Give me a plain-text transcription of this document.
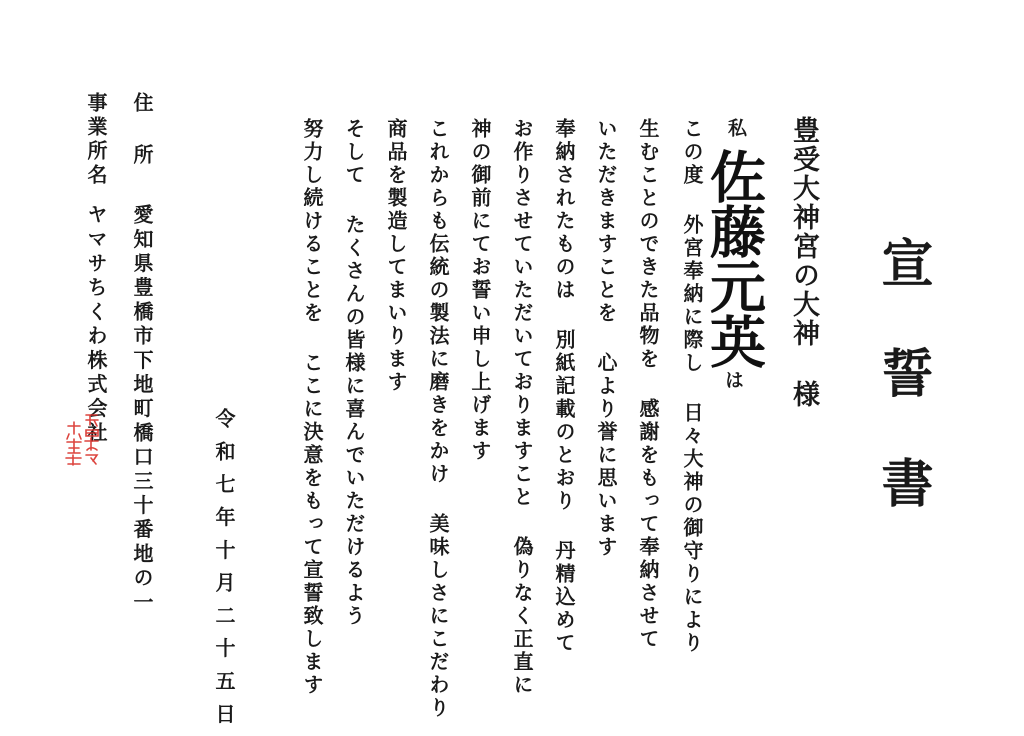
宣誓書
豊受大神宮の大神様
私
佐藤元英
は
この度 外宮奉納に際し 日々大神の御守りにより
生むことのできた品物を 感謝をもって奉納させて
いただきますことを 心より誉に思います
奉納されたものは 別紙記載のとおり 丹精込めて
お作りさせていただいておりますこと 偽りなく正直に
神の御前にてお誓い申し上げます
これからも伝統の製法に磨きをかけ 美味しさにこだわり
商品を製造してまいります
そして たくさんの皆様に喜んでいただけるよう
努力し続けることを ここに決意をもって宣誓致します
令和七年十月二十五日
住 所
愛知県豊橋市下地町橋口三十番地の一
事業所名
ヤマサちくわ株式会社
